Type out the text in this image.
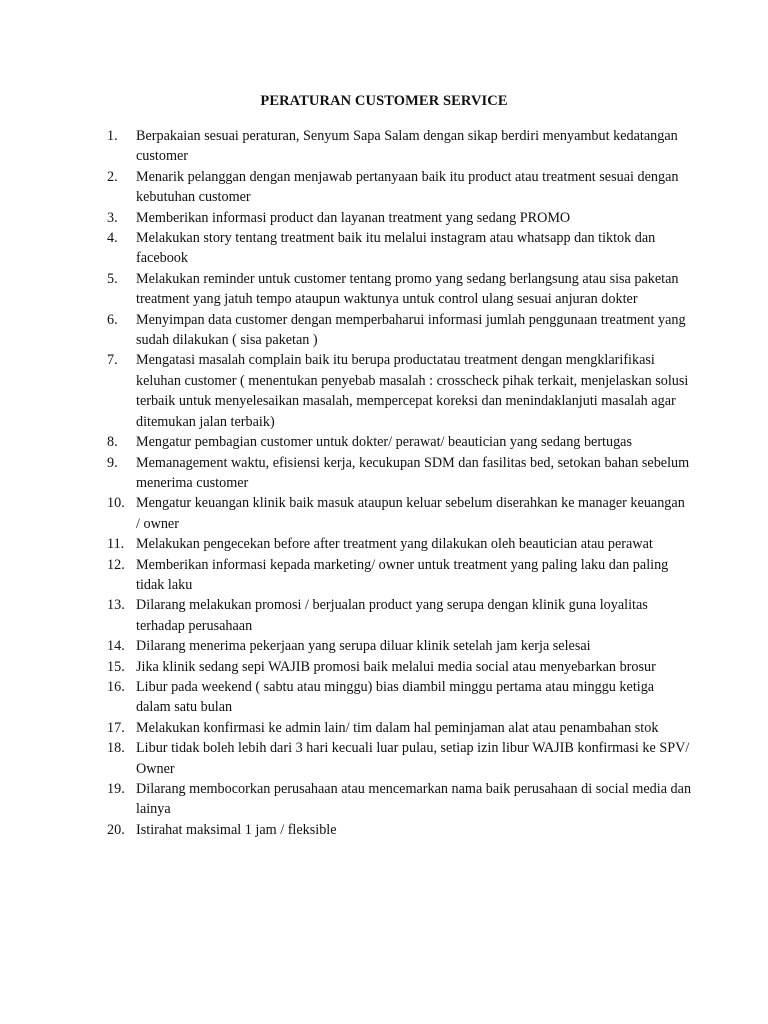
PERATURAN CUSTOMER SERVICE
1.	Berpakaian sesuai peraturan, Senyum Sapa Salam dengan sikap berdiri menyambut kedatangan customer
2.	Menarik pelanggan dengan menjawab pertanyaan baik itu product atau treatment sesuai dengan kebutuhan customer
3.	Memberikan informasi product dan layanan treatment yang sedang PROMO
4.	Melakukan story tentang treatment baik itu melalui instagram atau whatsapp dan tiktok dan facebook
5.	Melakukan reminder untuk customer tentang promo yang sedang berlangsung atau sisa paketan treatment yang jatuh tempo ataupun waktunya untuk control ulang sesuai anjuran dokter
6.	Menyimpan data customer dengan memperbaharui informasi jumlah penggunaan treatment yang sudah dilakukan ( sisa paketan )
7.	Mengatasi masalah complain baik itu berupa productatau treatment dengan mengklarifikasi keluhan customer ( menentukan penyebab masalah : crosscheck pihak terkait, menjelaskan solusi terbaik untuk menyelesaikan masalah, mempercepat koreksi dan menindaklanjuti masalah agar ditemukan jalan terbaik)
8.	Mengatur pembagian customer untuk dokter/ perawat/ beautician yang sedang bertugas
9.	Memanagement waktu, efisiensi kerja, kecukupan SDM dan fasilitas bed, setokan bahan sebelum menerima customer
10. Mengatur keuangan klinik baik masuk ataupun keluar sebelum diserahkan ke manager keuangan / owner
11. Melakukan pengecekan before after treatment yang dilakukan oleh beautician atau perawat
12. Memberikan informasi kepada marketing/ owner untuk treatment yang paling laku dan paling tidak laku
13. Dilarang melakukan promosi / berjualan product yang serupa dengan klinik guna loyalitas terhadap perusahaan
14. Dilarang menerima pekerjaan yang serupa diluar klinik setelah jam kerja selesai
15. Jika klinik sedang sepi WAJIB promosi baik melalui media social atau menyebarkan brosur
16. Libur pada weekend ( sabtu atau minggu) bias diambil minggu pertama atau minggu ketiga dalam satu bulan
17. Melakukan konfirmasi ke admin lain/ tim dalam hal peminjaman alat atau penambahan stok
18. Libur tidak boleh lebih dari 3 hari kecuali luar pulau, setiap izin libur WAJIB konfirmasi ke SPV/ Owner
19. Dilarang membocorkan perusahaan atau mencemarkan nama baik perusahaan di social media dan lainya
20. Istirahat maksimal 1 jam / fleksible
